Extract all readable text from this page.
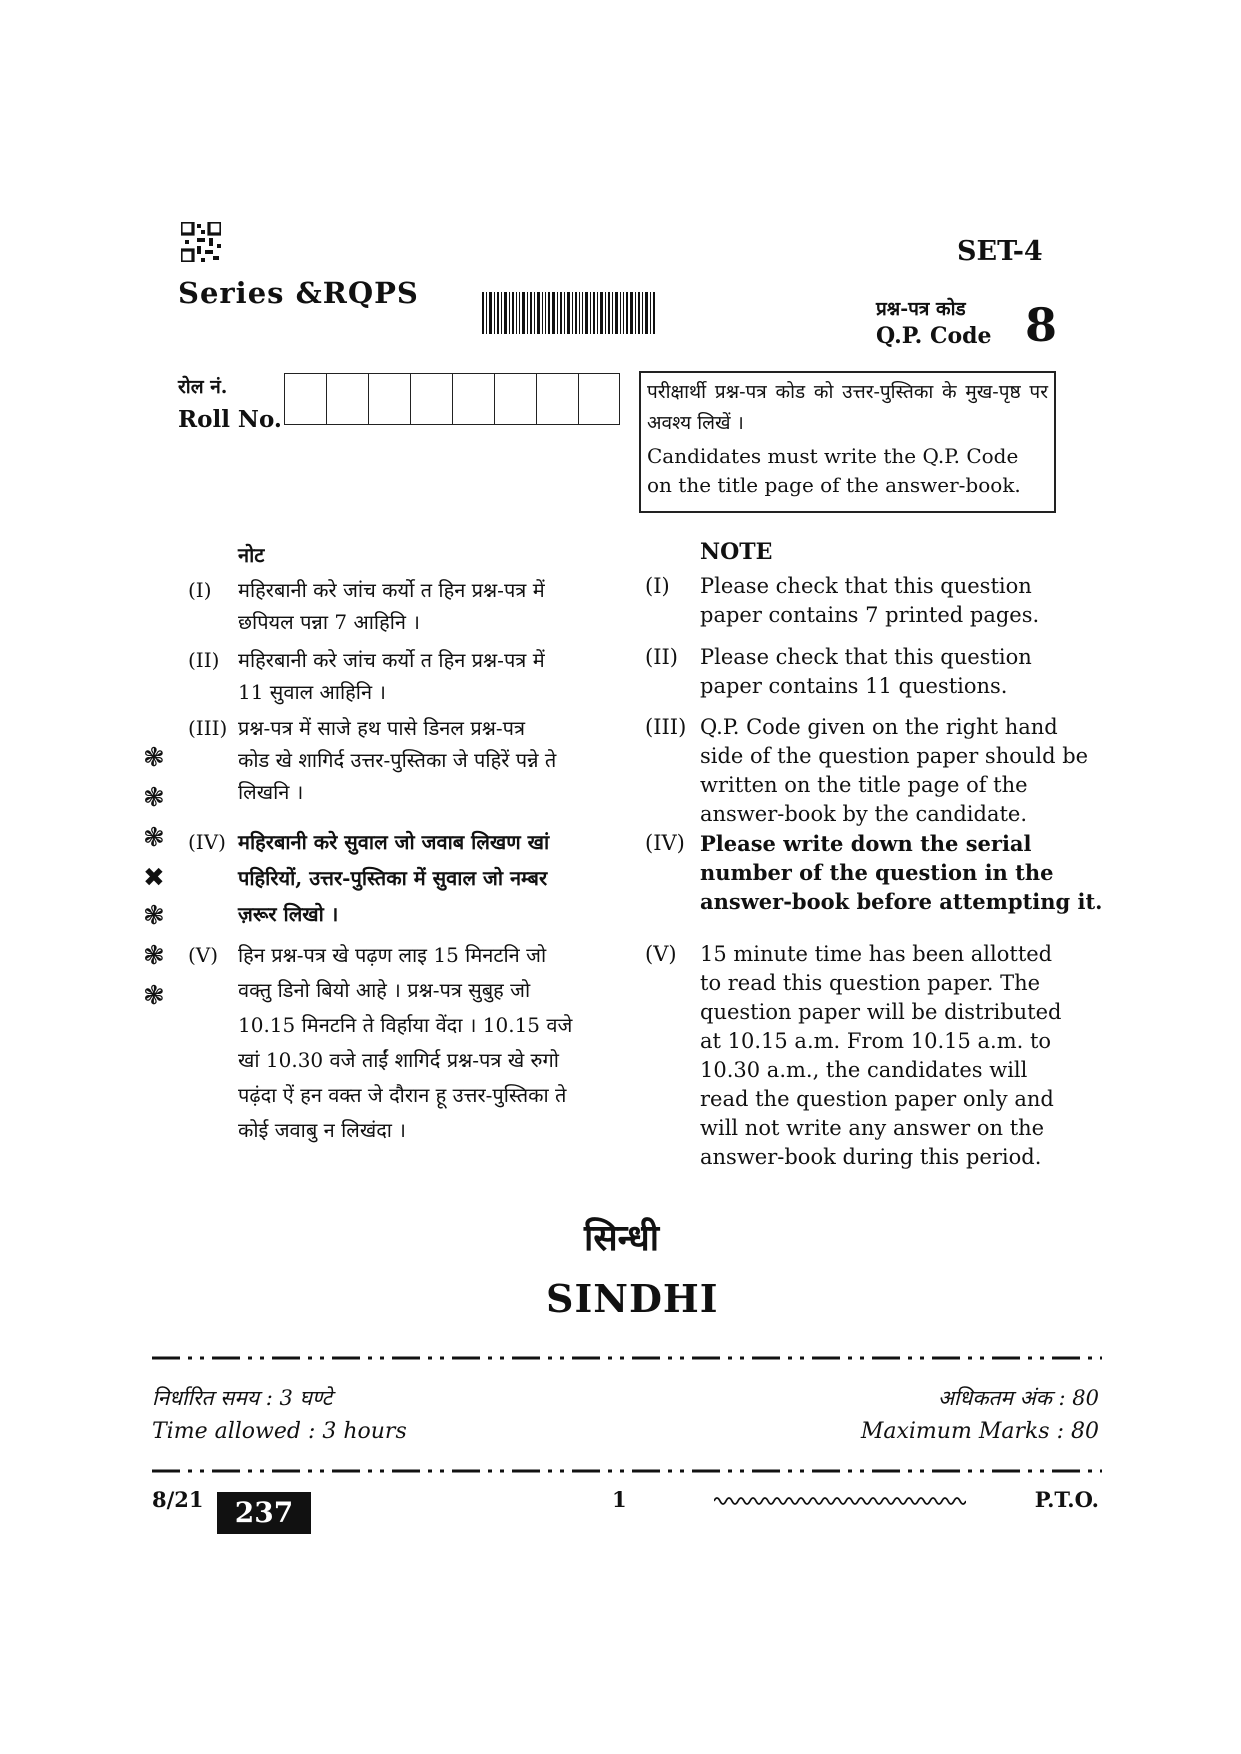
Series &RQPS
SET-4
प्रश्न-पत्र कोड
Q.P. Code 8
रोल नं.
Roll No.
परीक्षार्थी प्रश्न-पत्र कोड को उत्तर-पुस्तिका के मुख-पृष्ठ पर अवश्य लिखें ।
Candidates must write the Q.P. Code on the title page of the answer-book.
नोट	NOTE
(I) महिरबानी करे जांच कर्यो त हिन प्रश्न-पत्र में
छपियल पन्ना 7 आहिनि ।
(II) महिरबानी करे जांच कर्यो त हिन प्रश्न-पत्र में
11 सुवाल आहिनि ।
(III) प्रश्न-पत्र में साजे हथ पासे डिनल प्रश्न-पत्र
कोड खे शागिर्द उत्तर-पुस्तिका जे पहिरें पन्ने ते
लिखनि ।
(IV) महिरबानी करे सुवाल जो जवाब लिखण खां
पहिरियों, उत्तर-पुस्तिका में सुवाल जो नम्बर
ज़रूर लिखो ।
(V) हिन प्रश्न-पत्र खे पढ़ण लाइ 15 मिनटनि जो
वक्तु डिनो बियो आहे । प्रश्न-पत्र सुबुह जो
10.15 मिनटनि ते विर्हाया वेंदा । 10.15 वजे
खां 10.30 वजे ताईं शागिर्द प्रश्न-पत्र खे रुगो
पढ़ंदा ऐं हन वक्त जे दौरान हू उत्तर-पुस्तिका ते
कोई जवाबु न लिखंदा ।
❃
❃
❃
✖
❃
❃
❃
(I) Please check that this question
paper contains 7 printed pages.
(II) Please check that this question
paper contains 11 questions.
(III) Q.P. Code given on the right hand
side of the question paper should be
written on the title page of the
answer-book by the candidate.
(IV) Please write down the serial
number of the question in the
answer-book before attempting it.
(V) 15 minute time has been allotted
to read this question paper. The
question paper will be distributed
at 10.15 a.m. From 10.15 a.m. to
10.30 a.m., the candidates will
read the question paper only and
will not write any answer on the
answer-book during this period.
सिन्धी
SINDHI
निर्धारित समय : 3 घण्टे
Time allowed : 3 hours
अधिकतम अंक : 80
Maximum Marks : 80
8/21	237	1	P.T.O.
